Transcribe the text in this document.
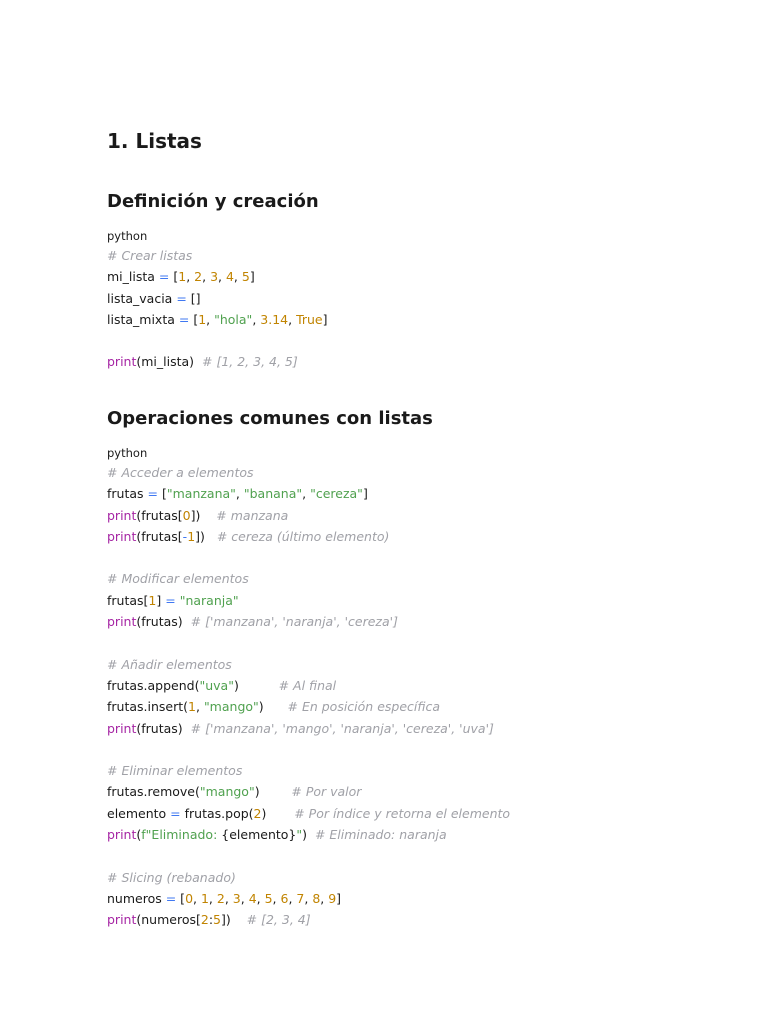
1. Listas
Definición y creación
python
# Crear listas
mi_lista = [1, 2, 3, 4, 5]
lista_vacia = []
lista_mixta = [1, "hola", 3.14, True]
print(mi_lista)  # [1, 2, 3, 4, 5]
Operaciones comunes con listas
python
# Acceder a elementos
frutas = ["manzana", "banana", "cereza"]
print(frutas[0])    # manzana
print(frutas[-1])   # cereza (último elemento)
# Modificar elementos
frutas[1] = "naranja"
print(frutas)  # ['manzana', 'naranja', 'cereza']
# Añadir elementos
frutas.append("uva")          # Al final
frutas.insert(1, "mango")      # En posición específica
print(frutas)  # ['manzana', 'mango', 'naranja', 'cereza', 'uva']
# Eliminar elementos
frutas.remove("mango")        # Por valor
elemento = frutas.pop(2)       # Por índice y retorna el elemento
print(f"Eliminado: {elemento}")  # Eliminado: naranja
# Slicing (rebanado)
numeros = [0, 1, 2, 3, 4, 5, 6, 7, 8, 9]
print(numeros[2:5])    # [2, 3, 4]
